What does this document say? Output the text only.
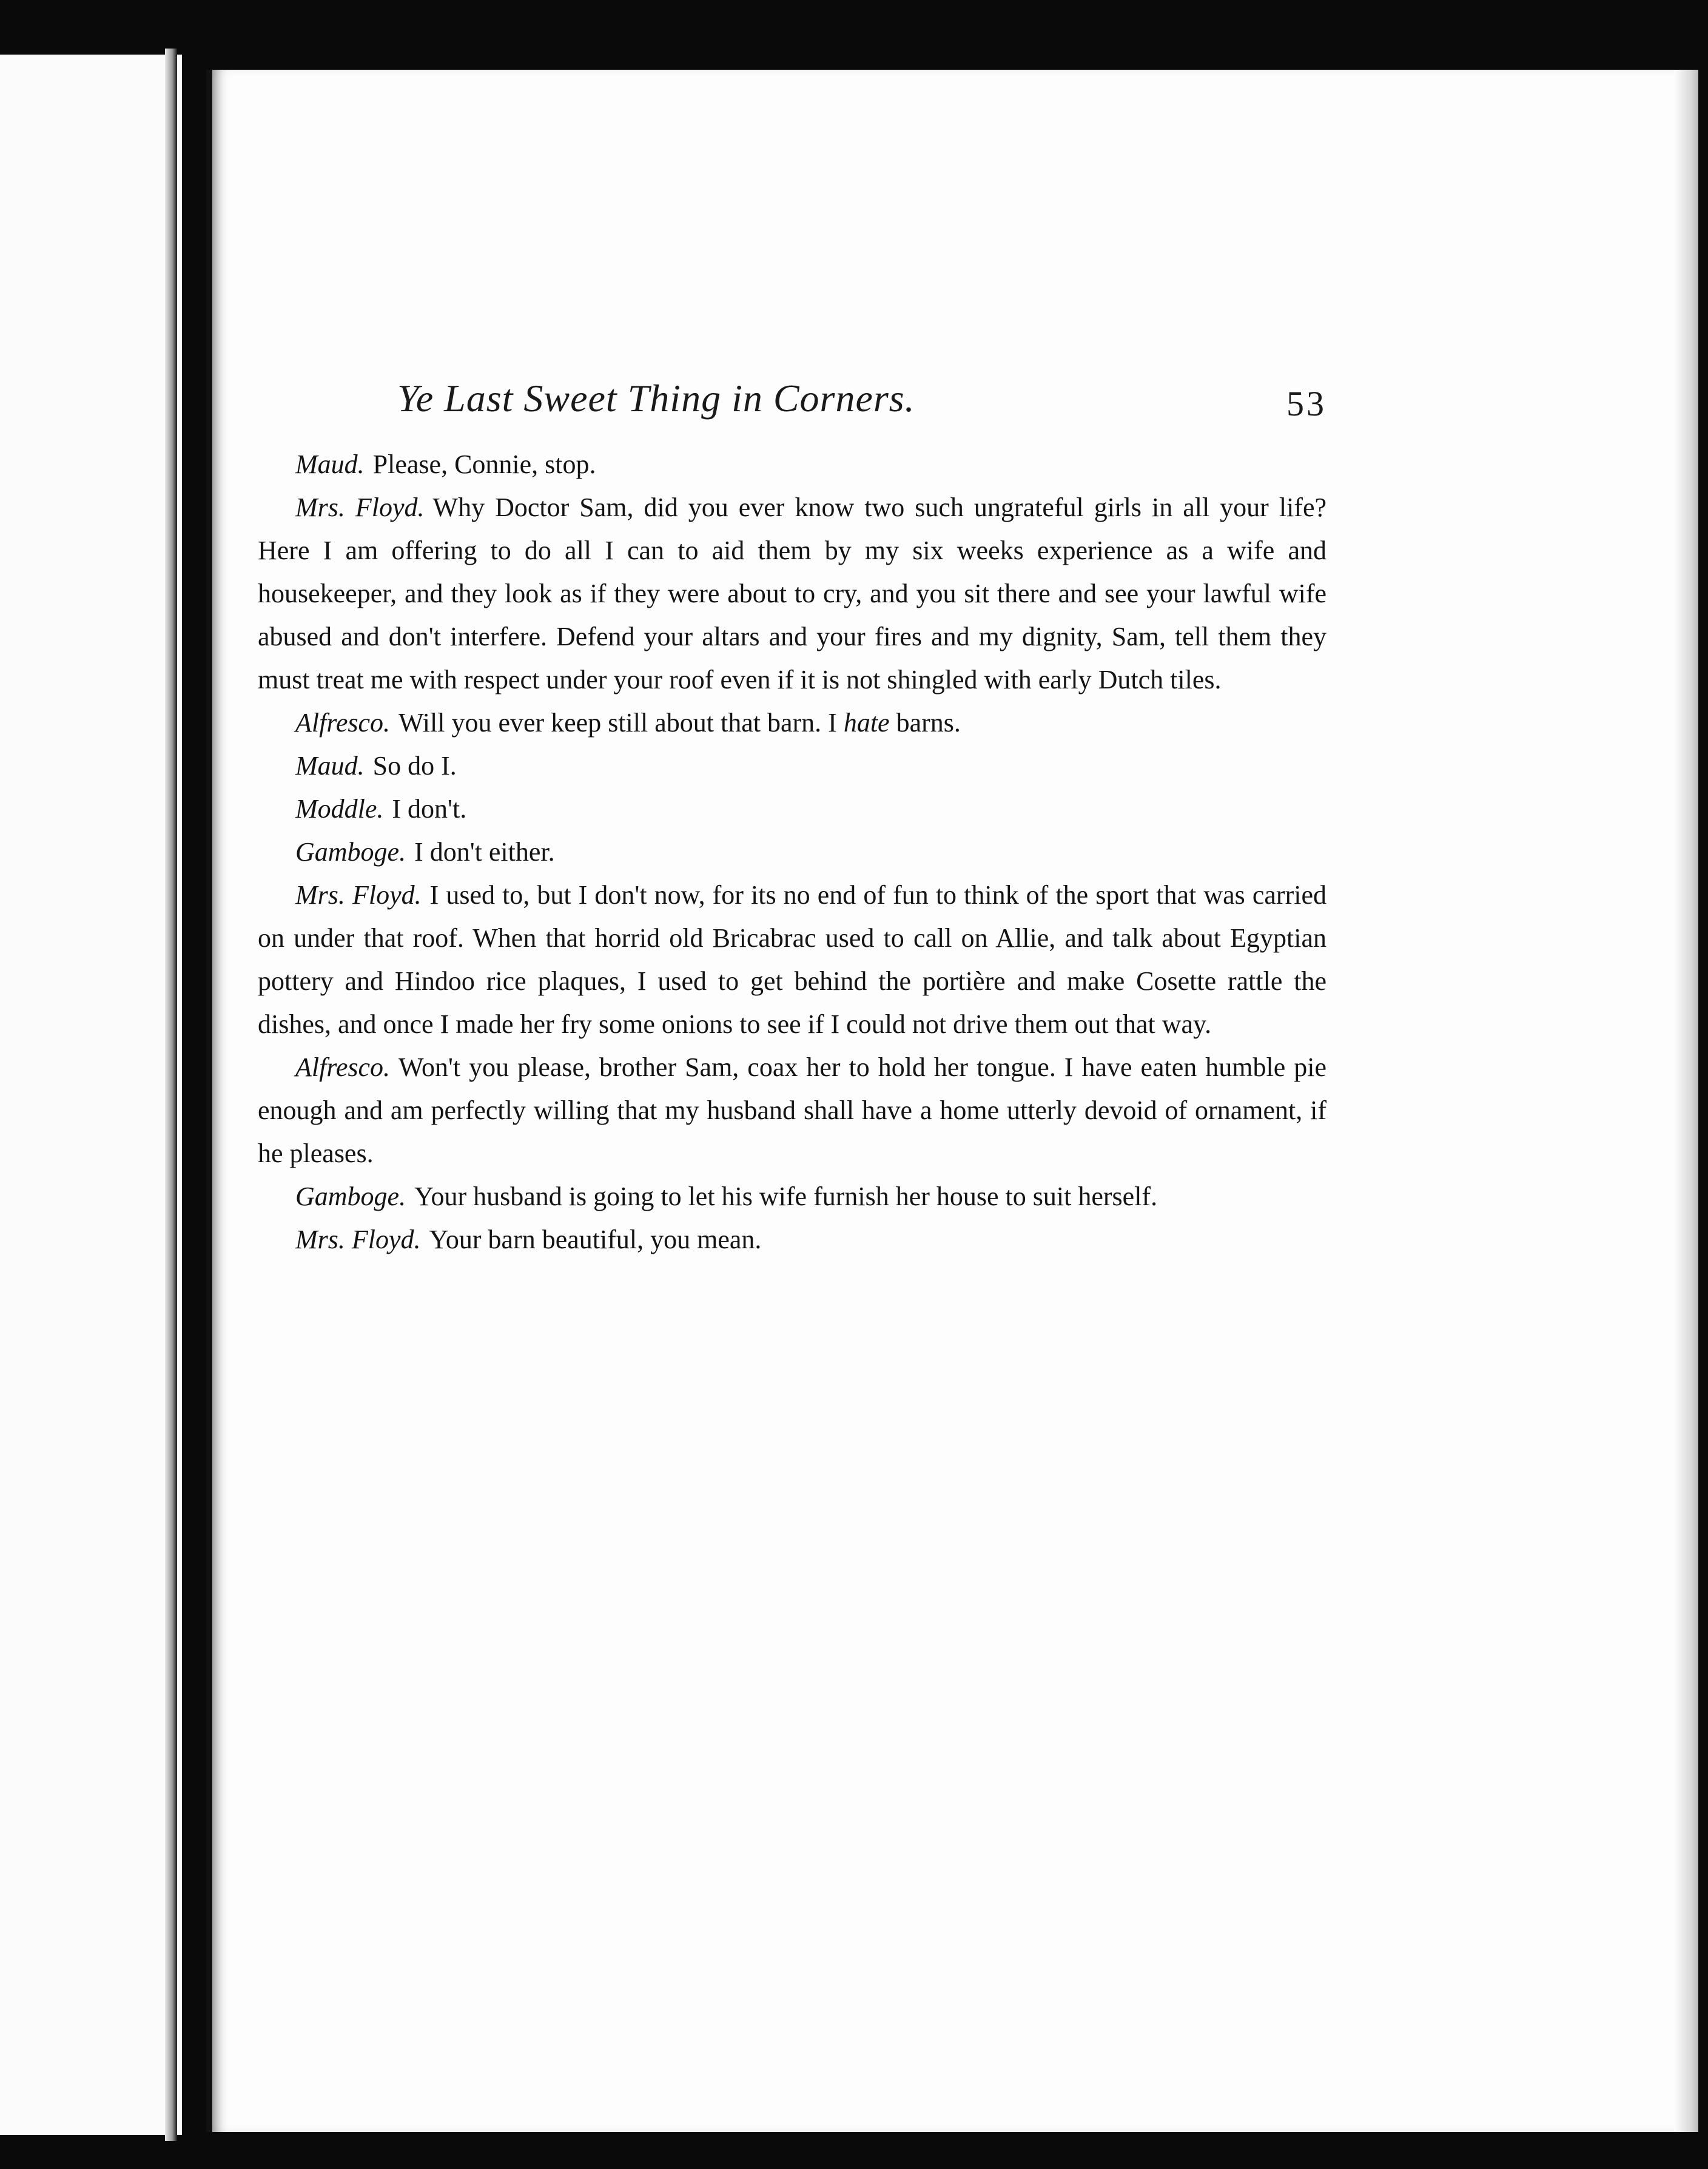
Ye Last Sweet Thing in Corners.	53

Maud. Please, Connie, stop.

Mrs. Floyd. Why Doctor Sam, did you ever know two such ungrateful girls in all your life? Here I am offering to do all I can to aid them by my six weeks experience as a wife and housekeeper, and they look as if they were about to cry, and you sit there and see your lawful wife abused and don't interfere. Defend your altars and your fires and my dignity, Sam, tell them they must treat me with respect under your roof even if it is not shingled with early Dutch tiles.

Alfresco. Will you ever keep still about that barn. I hate barns.

Maud. So do I.

Moddle. I don't.

Gamboge. I don't either.

Mrs. Floyd. I used to, but I don't now, for its no end of fun to think of the sport that was carried on under that roof. When that horrid old Bricabrac used to call on Allie, and talk about Egyptian pottery and Hindoo rice plaques, I used to get behind the portière and make Cosette rattle the dishes, and once I made her fry some onions to see if I could not drive them out that way.

Alfresco. Won't you please, brother Sam, coax her to hold her tongue. I have eaten humble pie enough and am perfectly willing that my husband shall have a home utterly devoid of ornament, if he pleases.

Gamboge. Your husband is going to let his wife furnish her house to suit herself.

Mrs. Floyd. Your barn beautiful, you mean.
